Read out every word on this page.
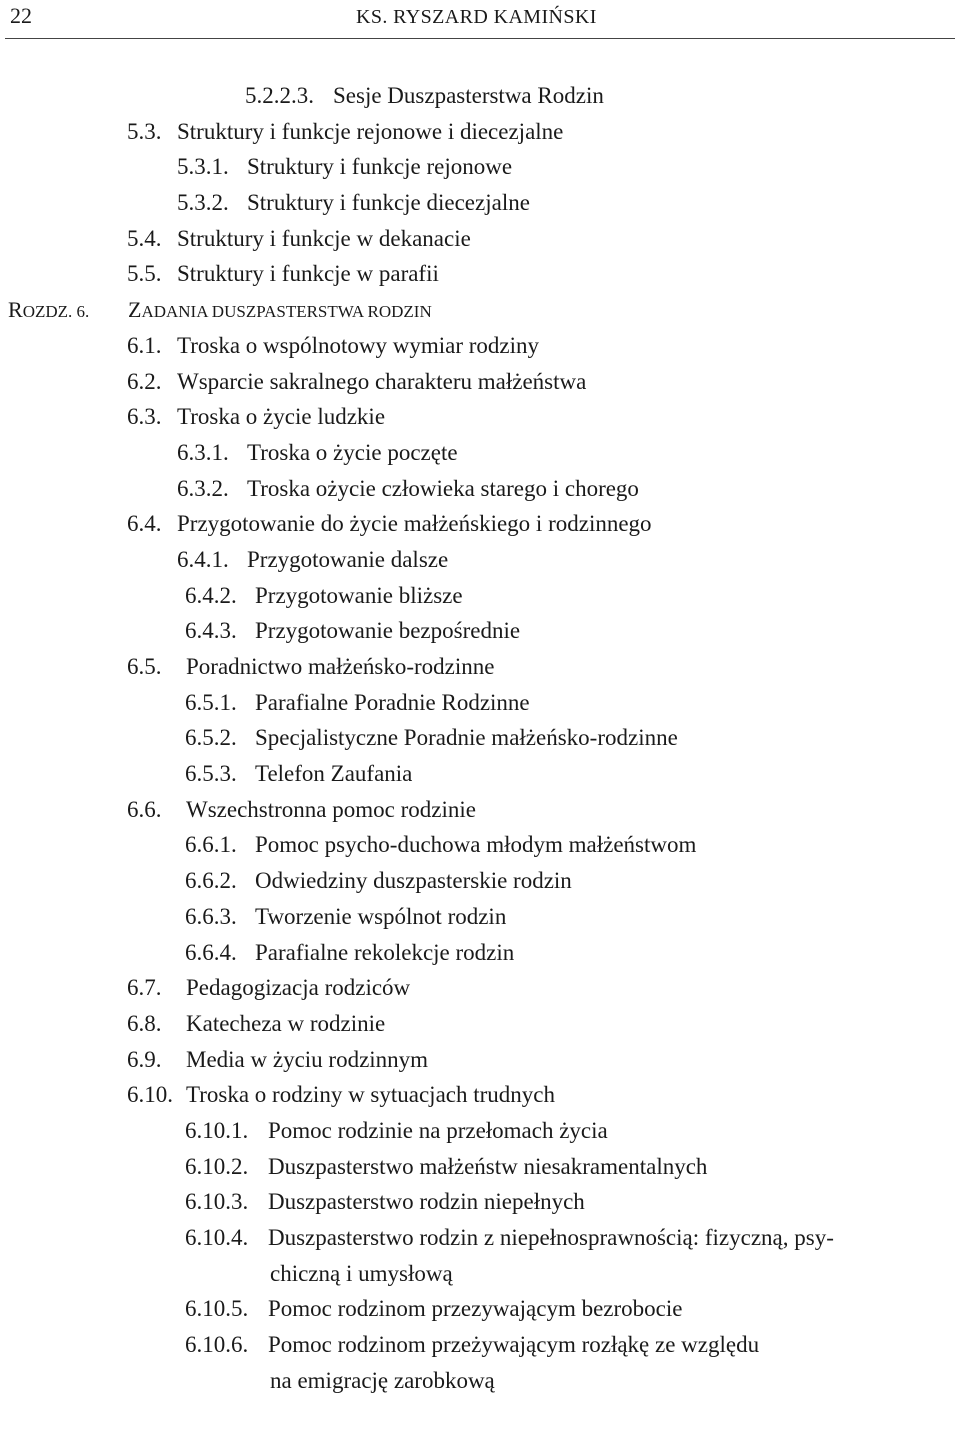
22	KS. RYSZARD KAMIŃSKI
5.2.2.3. Sesje Duszpasterstwa Rodzin
5.3. Struktury i funkcje rejonowe i diecezjalne
5.3.1. Struktury i funkcje rejonowe
5.3.2. Struktury i funkcje diecezjalne
5.4. Struktury i funkcje w dekanacie
5.5. Struktury i funkcje w parafii
ROZDZ. 6. ZADANIA DUSZPASTERSTWA RODZIN
6.1. Troska o wspólnotowy wymiar rodziny
6.2. Wsparcie sakralnego charakteru małżeństwa
6.3. Troska o życie ludzkie
6.3.1. Troska o życie poczęte
6.3.2. Troska ożycie człowieka starego i chorego
6.4. Przygotowanie do życie małżeńskiego i rodzinnego
6.4.1. Przygotowanie dalsze
6.4.2. Przygotowanie bliższe
6.4.3. Przygotowanie bezpośrednie
6.5. Poradnictwo małżeńsko-rodzinne
6.5.1. Parafialne Poradnie Rodzinne
6.5.2. Specjalistyczne Poradnie małżeńsko-rodzinne
6.5.3. Telefon Zaufania
6.6. Wszechstronna pomoc rodzinie
6.6.1. Pomoc psycho-duchowa młodym małżeństwom
6.6.2. Odwiedziny duszpasterskie rodzin
6.6.3. Tworzenie wspólnot rodzin
6.6.4. Parafialne rekolekcje rodzin
6.7. Pedagogizacja rodziców
6.8. Katecheza w rodzinie
6.9. Media w życiu rodzinnym
6.10. Troska o rodziny w sytuacjach trudnych
6.10.1. Pomoc rodzinie na przełomach życia
6.10.2. Duszpasterstwo małżeństw niesakramentalnych
6.10.3. Duszpasterstwo rodzin niepełnych
6.10.4. Duszpasterstwo rodzin z niepełnosprawnością: fizyczną, psy-
chiczną i umysłową
6.10.5. Pomoc rodzinom przezywającym bezrobocie
6.10.6. Pomoc rodzinom przeżywającym rozłąkę ze względu
na emigrację zarobkową
